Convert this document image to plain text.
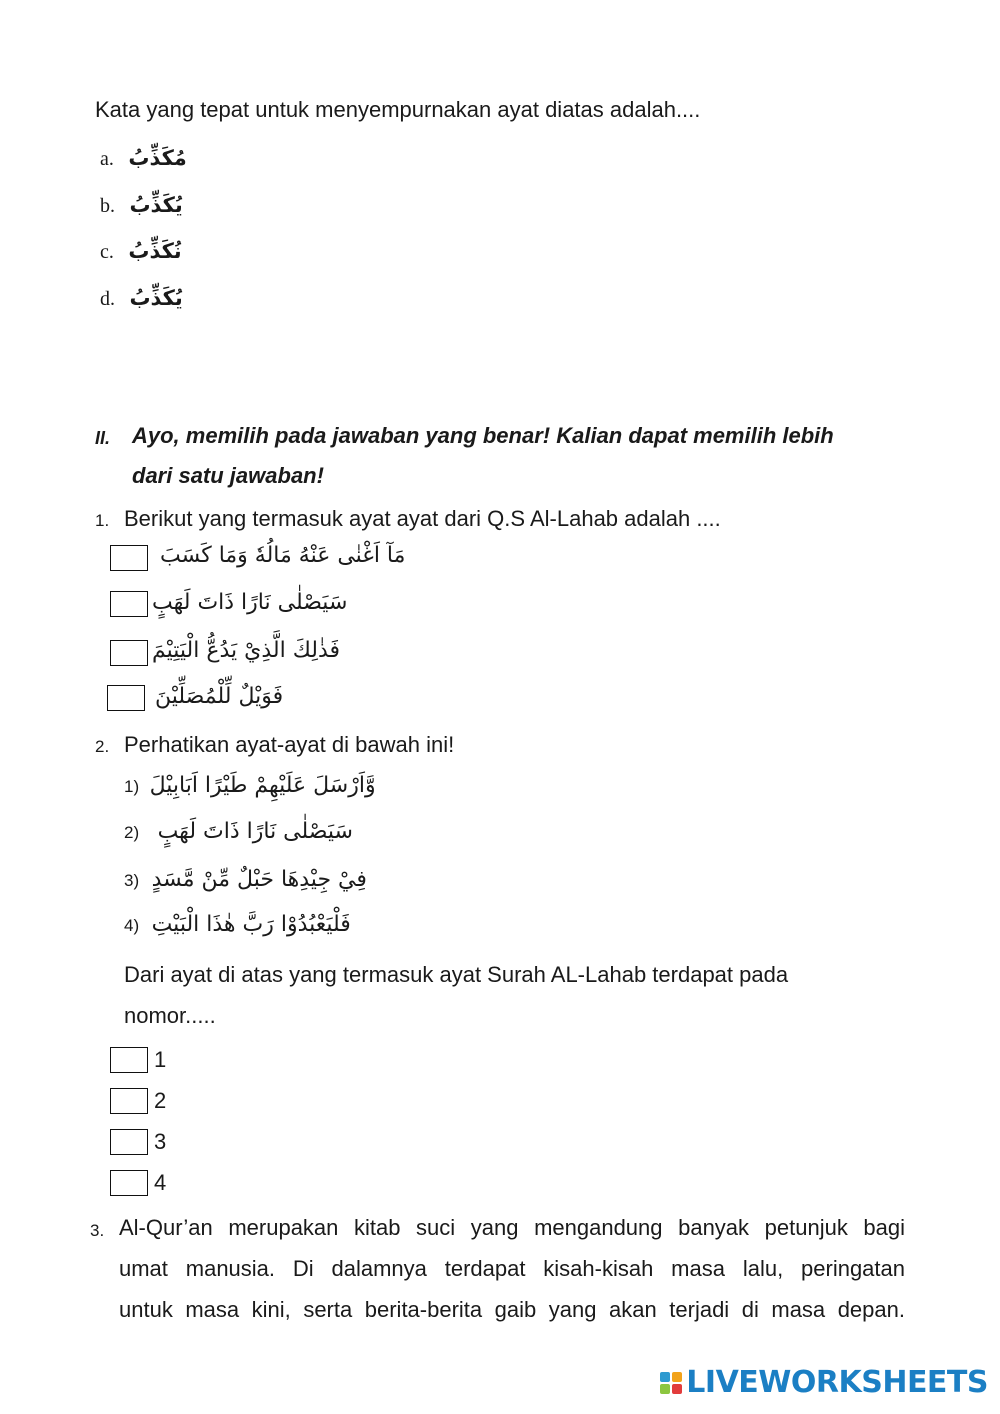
Kata yang tepat untuk menyempurnakan ayat diatas adalah....
a. مُكَذِّبُ
b. يُكَذِّبُ
c. نُكَذِّبُ
d. يُكَذِّبُ
II. Ayo, memilih pada jawaban yang benar! Kalian dapat memilih lebih
dari satu jawaban!
1. Berikut yang termasuk ayat ayat dari Q.S Al-Lahab adalah ....
مَآ اَغْنٰى عَنْهُ مَالُهٗ وَمَا كَسَبَ
سَيَصْلٰى نَارًا ذَاتَ لَهَبٍ
فَذٰلِكَ الَّذِيْ يَدُعُّ الْيَتِيْمَ
فَوَيْلٌ لِّلْمُصَلِّيْنَ
2. Perhatikan ayat-ayat di bawah ini!
1) وَّاَرْسَلَ عَلَيْهِمْ طَيْرًا اَبَابِيْلَ
2) سَيَصْلٰى نَارًا ذَاتَ لَهَبٍ
3) فِيْ جِيْدِهَا حَبْلٌ مِّنْ مَّسَدٍ
4) فَلْيَعْبُدُوْا رَبَّ هٰذَا الْبَيْتِ
Dari ayat di atas yang termasuk ayat Surah AL-Lahab terdapat pada
nomor.....
1
2
3
4
3. Al-Qur’an merupakan kitab suci yang mengandung banyak petunjuk bagi
umat manusia. Di dalamnya terdapat kisah-kisah masa lalu, peringatan
untuk masa kini, serta berita-berita gaib yang akan terjadi di masa depan.
LIVEWORKSHEETS
